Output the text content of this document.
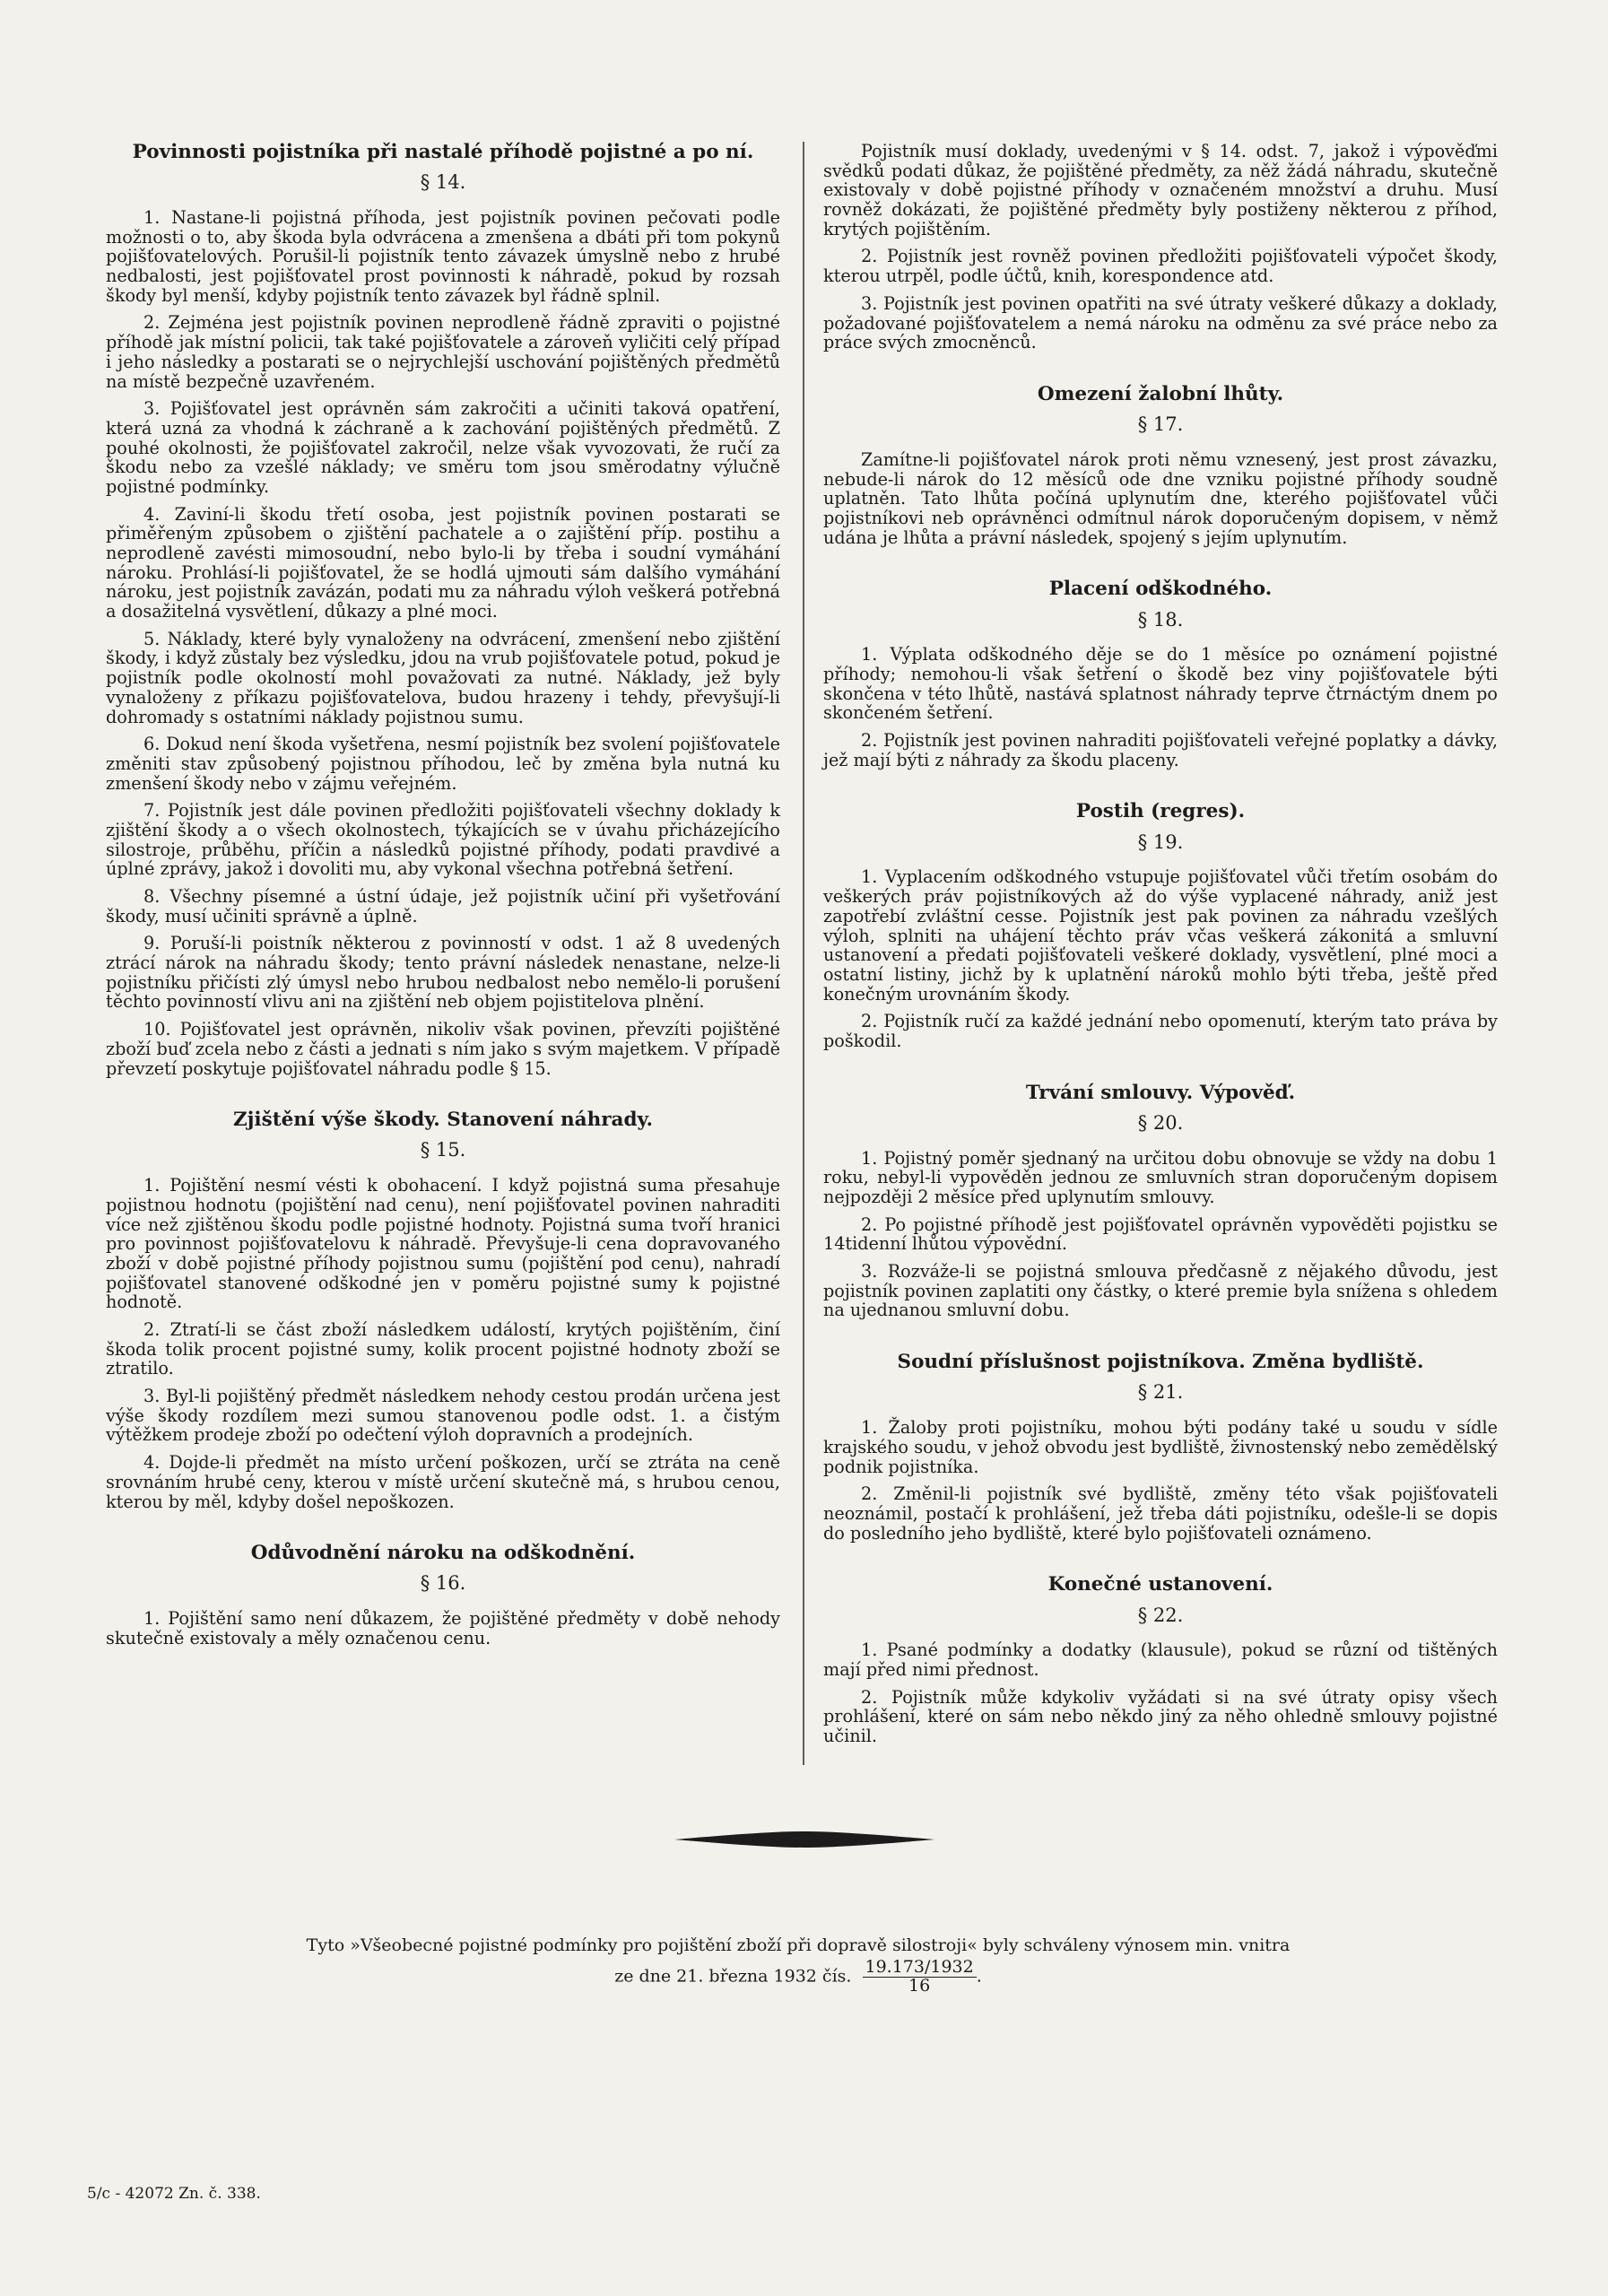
Povinnosti pojistníka při nastalé příhodě pojistné a po ní.
§ 14.

1. Nastane-li pojistná příhoda, jest pojistník povinen pečovati podle možnosti o to, aby škoda byla odvrácena a zmenšena a dbáti při tom pokynů pojišťovatelových. Porušil-li pojistník tento závazek úmyslně nebo z hrubé nedbalosti, jest pojišťovatel prost povinnosti k náhradě, pokud by rozsah škody byl menší, kdyby pojistník tento závazek byl řádně splnil.

2. Zejména jest pojistník povinen neprodleně řádně zpraviti o pojistné příhodě jak místní policii, tak také pojišťovatele a zároveň vyličiti celý případ i jeho následky a postarati se o nejrychlejší uschování pojištěných předmětů na místě bezpečně uzavřeném.

3. Pojišťovatel jest oprávněn sám zakročiti a učiniti taková opatření, která uzná za vhodná k záchraně a k zachování pojištěných předmětů. Z pouhé okolnosti, že pojišťovatel zakročil, nelze však vyvozovati, že ručí za škodu nebo za vzešlé náklady; ve směru tom jsou směrodatny výlučně pojistné podmínky.

4. Zaviní-li škodu třetí osoba, jest pojistník povinen postarati se přiměřeným způsobem o zjištění pachatele a o zajištění příp. postihu a neprodleně zavésti mimosoudní, nebo bylo-li by třeba i soudní vymáhání nároku. Prohlásí-li pojišťovatel, že se hodlá ujmouti sám dalšího vymáhání nároku, jest pojistník zavázán, podati mu za náhradu výloh veškerá potřebná a dosažitelná vysvětlení, důkazy a plné moci.

5. Náklady, které byly vynaloženy na odvrácení, zmenšení nebo zjištění škody, i když zůstaly bez výsledku, jdou na vrub pojišťovatele potud, pokud je pojistník podle okolností mohl považovati za nutné. Náklady, jež byly vynaloženy z příkazu pojišťovatelova, budou hrazeny i tehdy, převyšují-li dohromady s ostatními náklady pojistnou sumu.

6. Dokud není škoda vyšetřena, nesmí pojistník bez svolení pojišťovatele změniti stav způsobený pojistnou příhodou, leč by změna byla nutná ku zmenšení škody nebo v zájmu veřejném.

7. Pojistník jest dále povinen předložiti pojišťovateli všechny doklady k zjištění škody a o všech okolnostech, týkajících se v úvahu přicházejícího silostroje, průběhu, příčin a následků pojistné příhody, podati pravdivé a úplné zprávy, jakož i dovoliti mu, aby vykonal všechna potřebná šetření.

8. Všechny písemné a ústní údaje, jež pojistník učiní při vyšetřování škody, musí učiniti správně a úplně.

9. Poruší-li poistník některou z povinností v odst. 1 až 8 uvedených ztrácí nárok na náhradu škody; tento právní následek nenastane, nelze-li pojistníku přičísti zlý úmysl nebo hrubou nedbalost nebo nemělo-li porušení těchto povinností vlivu ani na zjištění neb objem pojistitelova plnění.

10. Pojišťovatel jest oprávněn, nikoliv však povinen, převzíti pojištěné zboží buď zcela nebo z části a jednati s ním jako s svým majetkem. V případě převzetí poskytuje pojišťovatel náhradu podle § 15.

Zjištění výše škody. Stanovení náhrady.
§ 15.

1. Pojištění nesmí vésti k obohacení. I když pojistná suma přesahuje pojistnou hodnotu (pojištění nad cenu), není pojišťovatel povinen nahraditi více než zjištěnou škodu podle pojistné hodnoty. Pojistná suma tvoří hranici pro povinnost pojišťovatelovu k náhradě. Převyšuje-li cena dopravovaného zboží v době pojistné příhody pojistnou sumu (pojištění pod cenu), nahradí pojišťovatel stanovené odškodné jen v poměru pojistné sumy k pojistné hodnotě.

2. Ztratí-li se část zboží následkem událostí, krytých pojištěním, činí škoda tolik procent pojistné sumy, kolik procent pojistné hodnoty zboží se ztratilo.

3. Byl-li pojištěný předmět následkem nehody cestou prodán určena jest výše škody rozdílem mezi sumou stanovenou podle odst. 1. a čistým výtěžkem prodeje zboží po odečtení výloh dopravních a prodejních.

4. Dojde-li předmět na místo určení poškozen, určí se ztráta na ceně srovnáním hrubé ceny, kterou v místě určení skutečně má, s hrubou cenou, kterou by měl, kdyby došel nepoškozen.

Odůvodnění nároku na odškodnění.
§ 16.

1. Pojištění samo není důkazem, že pojištěné předměty v době nehody skutečně existovaly a měly označenou cenu.

Pojistník musí doklady, uvedenými v § 14. odst. 7, jakož i výpověďmi svědků podati důkaz, že pojištěné předměty, za něž žádá náhradu, skutečně existovaly v době pojistné příhody v označeném množství a druhu. Musí rovněž dokázati, že pojištěné předměty byly postiženy některou z příhod, krytých pojištěním.

2. Pojistník jest rovněž povinen předložiti pojišťovateli výpočet škody, kterou utrpěl, podle účtů, knih, korespondence atd.

3. Pojistník jest povinen opatřiti na své útraty veškeré důkazy a doklady, požadované pojišťovatelem a nemá nároku na odměnu za své práce nebo za práce svých zmocněnců.

Omezení žalobní lhůty.
§ 17.

Zamítne-li pojišťovatel nárok proti němu vznesený, jest prost závazku, nebude-li nárok do 12 měsíců ode dne vzniku pojistné příhody soudně uplatněn. Tato lhůta počíná uplynutím dne, kterého pojišťovatel vůči pojistníkovi neb oprávněnci odmítnul nárok doporučeným dopisem, v němž udána je lhůta a právní následek, spojený s jejím uplynutím.

Placení odškodného.
§ 18.

1. Výplata odškodného děje se do 1 měsíce po oznámení pojistné příhody; nemohou-li však šetření o škodě bez viny pojišťovatele býti skončena v této lhůtě, nastává splatnost náhrady teprve čtrnáctým dnem po skončeném šetření.

2. Pojistník jest povinen nahraditi pojišťovateli veřejné poplatky a dávky, jež mají býti z náhrady za škodu placeny.

Postih (regres).
§ 19.

1. Vyplacením odškodného vstupuje pojišťovatel vůči třetím osobám do veškerých práv pojistníkových až do výše vyplacené náhrady, aniž jest zapotřebí zvláštní cesse. Pojistník jest pak povinen za náhradu vzešlých výloh, splniti na uhájení těchto práv včas veškerá zákonitá a smluvní ustanovení a předati pojišťovateli veškeré doklady, vysvětlení, plné moci a ostatní listiny, jichž by k uplatnění nároků mohlo býti třeba, ještě před konečným urovnáním škody.

2. Pojistník ručí za každé jednání nebo opomenutí, kterým tato práva by poškodil.

Trvání smlouvy. Výpověď.
§ 20.

1. Pojistný poměr sjednaný na určitou dobu obnovuje se vždy na dobu 1 roku, nebyl-li vypověděn jednou ze smluvních stran doporučeným dopisem nejpozději 2 měsíce před uplynutím smlouvy.

2. Po pojistné příhodě jest pojišťovatel oprávněn vypověděti pojistku se 14tidenní lhůtou výpovědní.

3. Rozváže-li se pojistná smlouva předčasně z nějakého důvodu, jest pojistník povinen zaplatiti ony částky, o které premie byla snížena s ohledem na ujednanou smluvní dobu.

Soudní příslušnost pojistníkova. Změna bydliště.
§ 21.

1. Žaloby proti pojistníku, mohou býti podány také u soudu v sídle krajského soudu, v jehož obvodu jest bydliště, živnostenský nebo zemědělský podnik pojistníka.

2. Změnil-li pojistník své bydliště, změny této však pojišťovateli neoznámil, postačí k prohlášení, jež třeba dáti pojistníku, odešle-li se dopis do posledního jeho bydliště, které bylo pojišťovateli oznámeno.

Konečné ustanovení.
§ 22.

1. Psané podmínky a dodatky (klausule), pokud se různí od tištěných mají před nimi přednost.

2. Pojistník může kdykoliv vyžádati si na své útraty opisy všech prohlášení, které on sám nebo někdo jiný za něho ohledně smlouvy pojistné učinil.

Tyto »Všeobecné pojistné podmínky pro pojištění zboží při dopravě silostroji« byly schváleny výnosem min. vnitra
ze dne 21. března 1932 čís. $\frac{19.173/1932}{16}$ .
5/c - 42072 Zn. č. 338.
